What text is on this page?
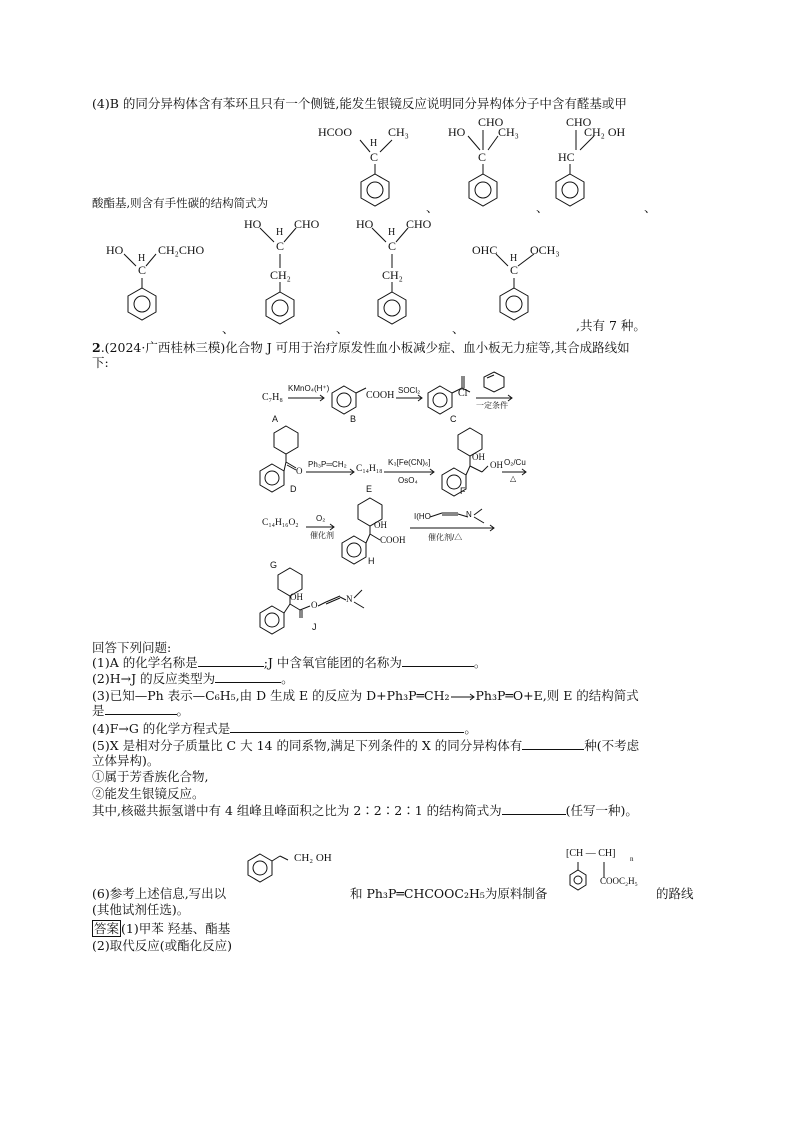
(4)B 的同分异构体含有苯环且只有一个侧链,能发生银镜反应说明同分异构体分子中含有醛基或甲
酸酯基,则含有手性碳的结构简式为
HCOO	CH₃
H
C
、
HO
CHO
CH₃
C
、
CHO
CH₂ OH
HC
、
HO	CH₂CHO
H
C
、
HO	CHO
H
C
CH₂
、
HO	CHO
H
C
CH₂
、
OHC	OCH₃
H
C
,共有 7 种。
2.(2024·广西桂林三模)化合物 J 可用于治疗原发性血小板减少症、血小板无力症等,其合成路线如
下:
C₇H₈
A
KMnO₄(H⁺)
COOH
B
SOCl₂	Cl
C
一定条件
O
D
Ph₃P═CH₂ C₁₄H₁₈
E
K₃[Fe(CN)₆]
OsO₄
OH
OH
F
O₂/Cu
△
C₁₄H₁₆O₂
G
O₂
催化剂
OH
COOH
H
I(HO	N
催化剂/△
OH
O
N
J
回答下列问题:
(1)A 的化学名称是	;J 中含氧官能团的名称为	。
(2)H→J 的反应类型为	。
(3)已知—Ph 表示—C₆H₅,由 D 生成 E 的反应为 D+Ph₃P═CH₂ Ph₃P═O+E,则 E 的结构简式
是	。
(4)F→G 的化学方程式是	。
(5)X 是相对分子质量比 C 大 14 的同系物,满足下列条件的 X 的同分异构体有	种(不考虑
立体异构)。
①属于芳香族化合物,
②能发生银镜反应。
其中,核磁共振氢谱中有 4 组峰且峰面积之比为 2∶2∶2∶1 的结构简式为	(任写一种)。
(6)参考上述信息,写出以
CH₂ OH
和 Ph₃P═CHCOOC₂H₅为原料制备
[CH — CH] n
COOC₂H₅
的路线
(其他试剂任选)。
答案 (1)甲苯 羟基、酯基
(2)取代反应(或酯化反应)
